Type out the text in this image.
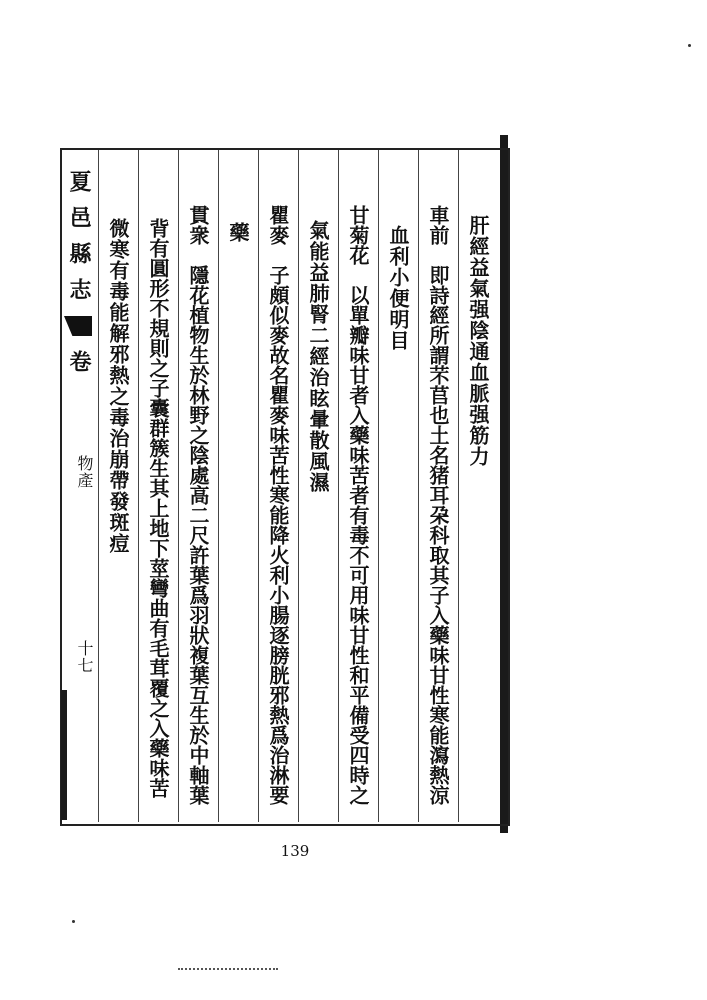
夏邑縣志
卷
物產
十七
肝經益氣强陰通血脈强筋力
車前　即詩經所謂芣苢也土名猪耳朶科取其子入藥味甘性寒能瀉熱涼
血利小便明目
甘菊花　以單瓣味甘者入藥味苦者有毒不可用味甘性和平備受四時之
氣能益肺腎二經治眩暈散風濕
瞿麥　子頗似麥故名瞿麥味苦性寒能降火利小腸逐膀胱邪熱爲治淋要
藥
貫衆　隱花植物生於林野之陰處高二尺許葉爲羽狀複葉互生於中軸葉
背有圓形不規則之子囊群簇生其上地下莖彎曲有毛茸覆之入藥味苦
微寒有毒能解邪熱之毒治崩帶發斑痘
139
